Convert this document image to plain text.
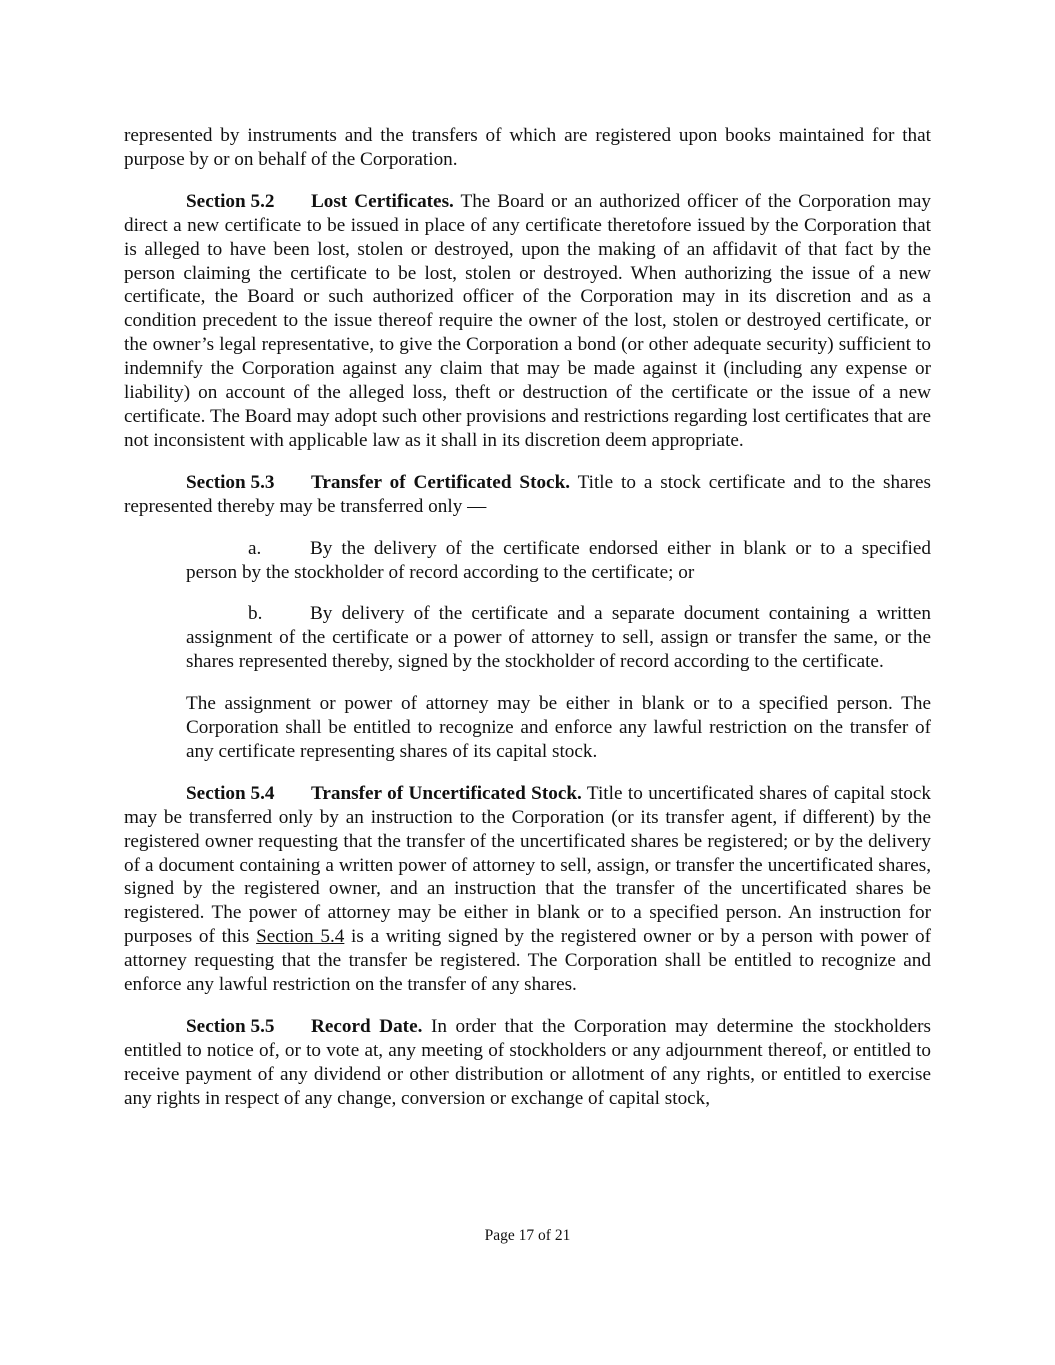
represented by instruments and the transfers of which are registered upon books maintained for that purpose by or on behalf of the Corporation.

Section 5.2 Lost Certificates. The Board or an authorized officer of the Corporation may direct a new certificate to be issued in place of any certificate theretofore issued by the Corporation that is alleged to have been lost, stolen or destroyed, upon the making of an affidavit of that fact by the person claiming the certificate to be lost, stolen or destroyed. When authorizing the issue of a new certificate, the Board or such authorized officer of the Corporation may in its discretion and as a condition precedent to the issue thereof require the owner of the lost, stolen or destroyed certificate, or the owner’s legal representative, to give the Corporation a bond (or other adequate security) sufficient to indemnify the Corporation against any claim that may be made against it (including any expense or liability) on account of the alleged loss, theft or destruction of the certificate or the issue of a new certificate. The Board may adopt such other provisions and restrictions regarding lost certificates that are not inconsistent with applicable law as it shall in its discretion deem appropriate.

Section 5.3 Transfer of Certificated Stock. Title to a stock certificate and to the shares represented thereby may be transferred only —

a.	By the delivery of the certificate endorsed either in blank or to a specified person by the stockholder of record according to the certificate; or

b. By delivery of the certificate and a separate document containing a written assignment of the certificate or a power of attorney to sell, assign or transfer the same, or the shares represented thereby, signed by the stockholder of record according to the certificate.

The assignment or power of attorney may be either in blank or to a specified person. The Corporation shall be entitled to recognize and enforce any lawful restriction on the transfer of any certificate representing shares of its capital stock.

Section 5.4 Transfer of Uncertificated Stock. Title to uncertificated shares of capital stock may be transferred only by an instruction to the Corporation (or its transfer agent, if different) by the registered owner requesting that the transfer of the uncertificated shares be registered; or by the delivery of a document containing a written power of attorney to sell, assign, or transfer the uncertificated shares, signed by the registered owner, and an instruction that the transfer of the uncertificated shares be registered. The power of attorney may be either in blank or to a specified person. An instruction for purposes of this Section 5.4 is a writing signed by the registered owner or by a person with power of attorney requesting that the transfer be registered. The Corporation shall be entitled to recognize and enforce any lawful restriction on the transfer of any shares.

Section 5.5 Record Date. In order that the Corporation may determine the stockholders entitled to notice of, or to vote at, any meeting of stockholders or any adjournment thereof, or entitled to receive payment of any dividend or other distribution or allotment of any rights, or entitled to exercise any rights in respect of any change, conversion or exchange of capital stock,

Page 17 of 21
